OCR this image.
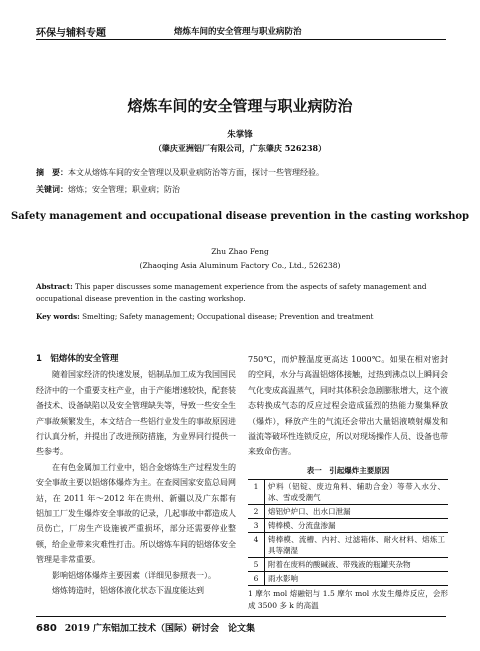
环保与辅料专题	熔炼车间的安全管理与职业病防治
熔炼车间的安全管理与职业病防治
朱掌锋
（肇庆亚洲铝厂有限公司，广东肇庆 526238）
摘　要：本文从熔炼车间的安全管理以及职业病防治等方面，探讨一些管理经验。
关键词：熔炼；安全管理；职业病；防治
Safety management and occupational disease prevention in the casting workshop
Zhu Zhao Feng
(Zhaoqing Asia Aluminum Factory Co., Ltd., 526238)
Abstract: This paper discusses some management experience from the aspects of safety management and occupational disease prevention in the casting workshop.
Key words: Smelting; Safety management; Occupational disease; Prevention and treatment

1　铝熔体的安全管理

随着国家经济的快速发展，铝制品加工成为我国国民经济中的一个重要支柱产业，由于产能增速较快，配套装备技术、设备缺陷以及安全管理缺失等，导致一些安全生产事故频繁发生，本文结合一些铝行业发生的事故原因进行认真分析，并提出了改进预防措施，为业界同行提供一些参考。

在有色金属加工行业中，铝合金熔炼生产过程发生的安全事故主要以铝熔体爆炸为主。在查阅国家安监总局网站，在 2011 年～2012 年在贵州、新疆以及广东都有铝加工厂发生爆炸安全事故的记录，几起事故中都造成人员伤亡，厂房生产设施被严重损坏，部分还需要停业整顿，给企业带来灾难性打击。所以熔炼车间的铝熔体安全管理是非常重要。

影响铝熔体爆炸主要因素（详细见参照表一）。

熔炼铸造时，铝熔体液化状态下温度能达到

750℃，而炉膛温度更高达 1000℃。如果在相对密封的空间，水分与高温铝熔体接触，过热到沸点以上瞬间会气化变成高温蒸气，同时其体积会急剧膨胀增大，这个液态转换成气态的反应过程会造成猛烈的热能力聚集释放（爆炸），释放产生的气流还会带出大量铝液喷射爆发和溢流等破坏性连锁反应，所以对现场操作人员、设备也带来致命伤害。

表一　引起爆炸主要原因
1	炉料（铝锭、废边角料、辅助合金）等带入水分、冰、雪或受潮气
2	熔铝炉炉口、出水口泄漏
3	铸棒模、分流盘渗漏
4	铸棒模、流槽、内衬、过滤箱体、耐火材料、熔炼工具等潮湿
5	附着在废料的酸碱液、带残液的瓶罐夹杂物
6	雨水影响

1 摩尔 mol 熔融铝与 1.5 摩尔 mol 水发生爆炸反应，会形成 3500 多 k 的高温

680 2019 广东铝加工技术（国际）研讨会　论文集
